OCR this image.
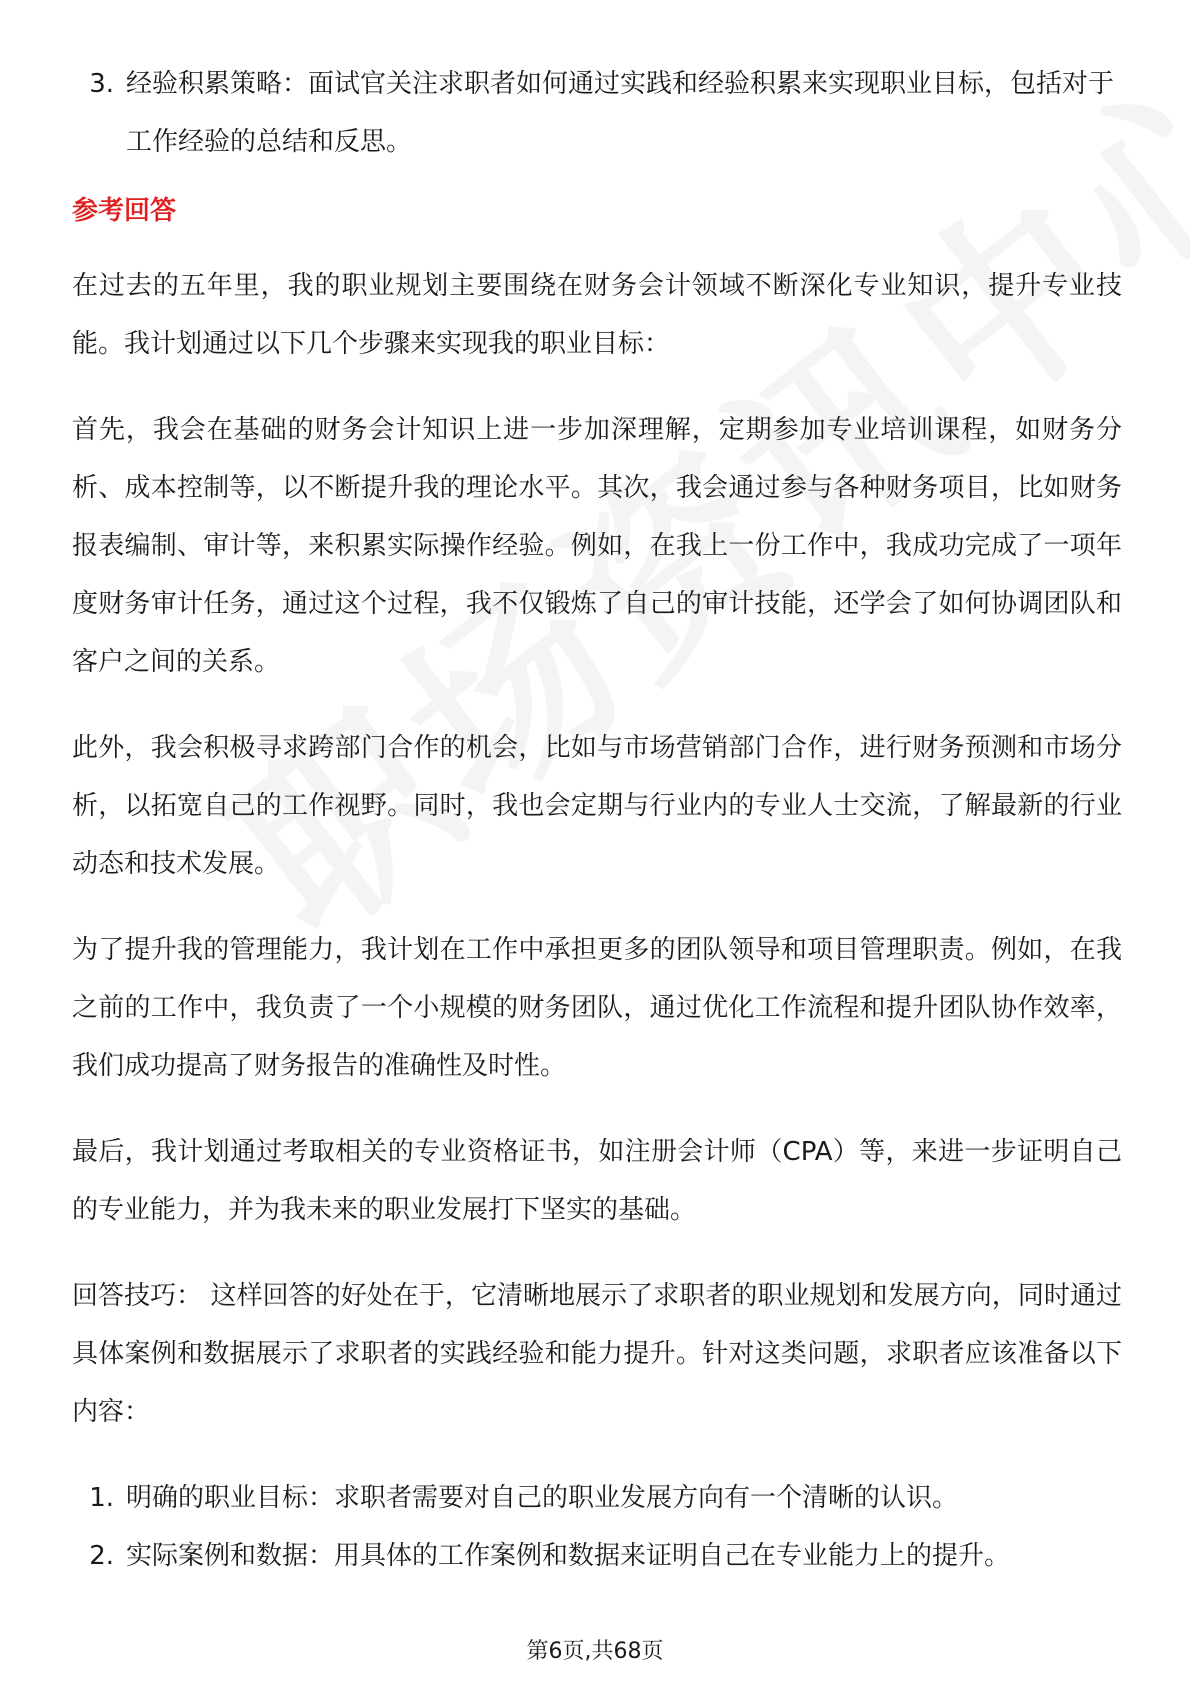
3. 经验积累策略：面试官关注求职者如何通过实践和经验积累来实现职业目标，包括对于工作经验的总结和反思。
参考回答

在过去的五年里，我的职业规划主要围绕在财务会计领域不断深化专业知识，提升专业技能。我计划通过以下几个步骤来实现我的职业目标：

首先，我会在基础的财务会计知识上进一步加深理解，定期参加专业培训课程，如财务分析、成本控制等，以不断提升我的理论水平。其次，我会通过参与各种财务项目，比如财务报表编制、审计等，来积累实际操作经验。例如，在我上一份工作中，我成功完成了一项年度财务审计任务，通过这个过程，我不仅锻炼了自己的审计技能，还学会了如何协调团队和客户之间的关系。

此外，我会积极寻求跨部门合作的机会，比如与市场营销部门合作，进行财务预测和市场分析，以拓宽自己的工作视野。同时，我也会定期与行业内的专业人士交流，了解最新的行业动态和技术发展。

为了提升我的管理能力，我计划在工作中承担更多的团队领导和项目管理职责。例如，在我之前的工作中，我负责了一个小规模的财务团队，通过优化工作流程和提升团队协作效率，我们成功提高了财务报告的准确性及时性。

最后，我计划通过考取相关的专业资格证书，如注册会计师（CPA）等，来进一步证明自己的专业能力，并为我未来的职业发展打下坚实的基础。

回答技巧： 这样回答的好处在于，它清晰地展示了求职者的职业规划和发展方向，同时通过具体案例和数据展示了求职者的实践经验和能力提升。针对这类问题，求职者应该准备以下内容：

1. 明确的职业目标：求职者需要对自己的职业发展方向有一个清晰的认识。
2. 实际案例和数据：用具体的工作案例和数据来证明自己在专业能力上的提升。
第6页,共68页
